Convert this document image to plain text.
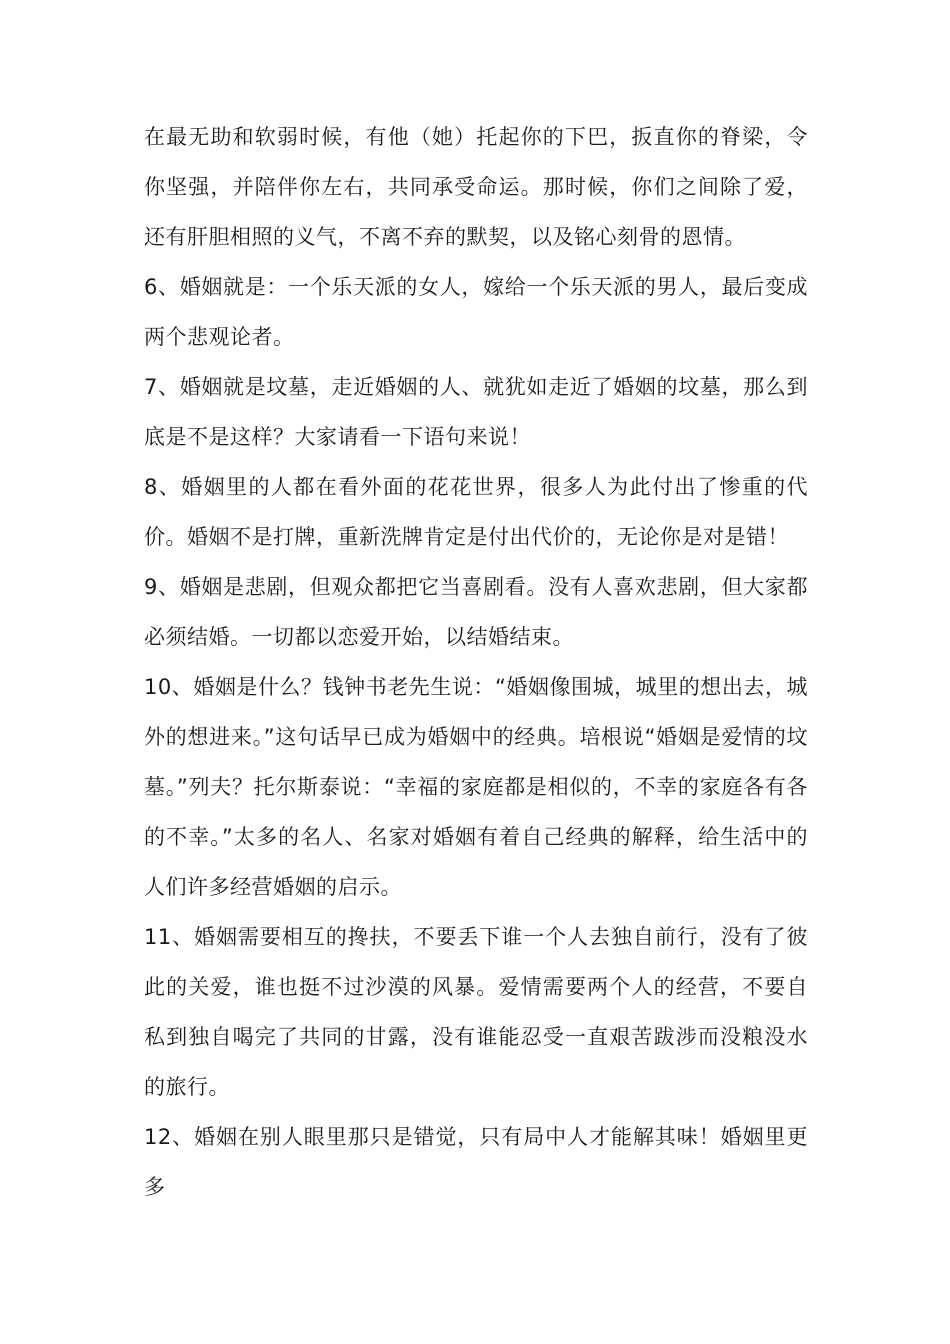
在最无助和软弱时候，有他（她）托起你的下巴，扳直你的脊梁，令你坚强，并陪伴你左右，共同承受命运。那时候，你们之间除了爱，还有肝胆相照的义气，不离不弃的默契，以及铭心刻骨的恩情。

6、婚姻就是：一个乐天派的女人，嫁给一个乐天派的男人，最后变成两个悲观论者。

7、婚姻就是坟墓，走近婚姻的人、就犹如走近了婚姻的坟墓，那么到底是不是这样？大家请看一下语句来说！

8、婚姻里的人都在看外面的花花世界，很多人为此付出了惨重的代价。婚姻不是打牌，重新洗牌肯定是付出代价的，无论你是对是错！

9、婚姻是悲剧，但观众都把它当喜剧看。没有人喜欢悲剧，但大家都必须结婚。一切都以恋爱开始，以结婚结束。

10、婚姻是什么？钱钟书老先生说：“婚姻像围城，城里的想出去，城外的想进来。”这句话早已成为婚姻中的经典。培根说“婚姻是爱情的坟墓。”列夫？托尔斯泰说：“幸福的家庭都是相似的，不幸的家庭各有各的不幸。”太多的名人、名家对婚姻有着自己经典的解释，给生活中的人们许多经营婚姻的启示。

11、婚姻需要相互的搀扶，不要丢下谁一个人去独自前行，没有了彼此的关爱，谁也挺不过沙漠的风暴。爱情需要两个人的经营，不要自私到独自喝完了共同的甘露，没有谁能忍受一直艰苦跋涉而没粮没水的旅行。

12、婚姻在别人眼里那只是错觉，只有局中人才能解其味！婚姻里更多
